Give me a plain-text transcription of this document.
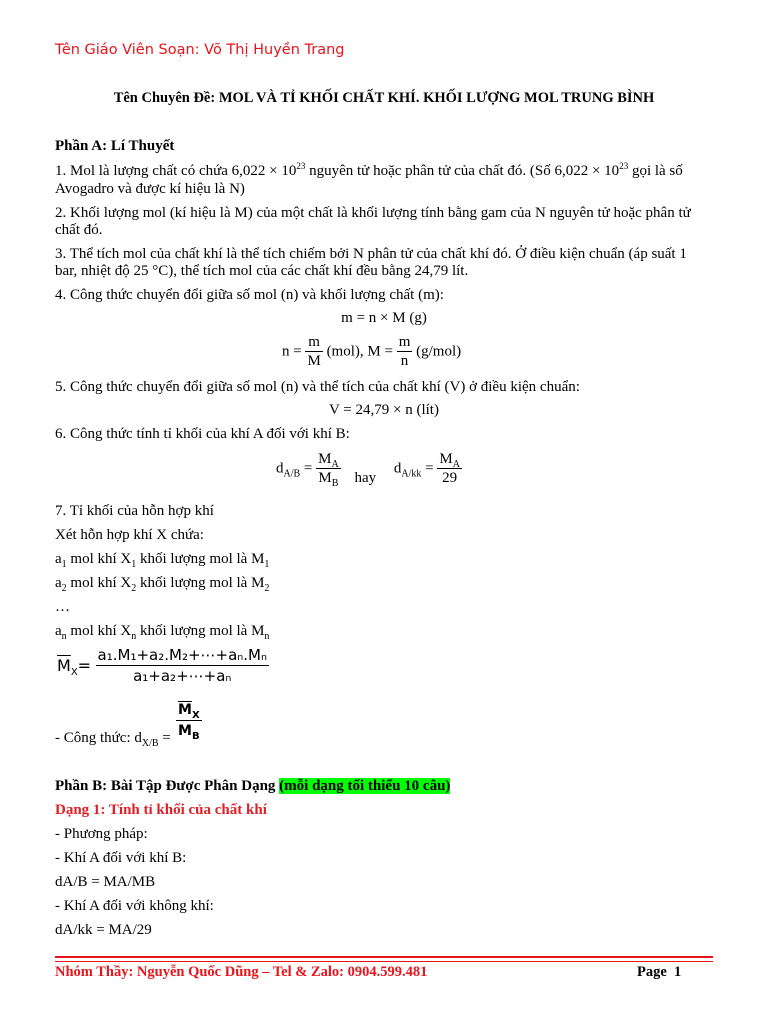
Tên Giáo Viên Soạn: Võ Thị Huyền Trang
Tên Chuyên Đề: MOL VÀ TỈ KHỐI CHẤT KHÍ. KHỐI LƯỢNG MOL TRUNG BÌNH
Phần A: Lí Thuyết
1. Mol là lượng chất có chứa $6,022 \times 10^{23}$ nguyên tử hoặc phân tử của chất đó. (Số $6,022 \times 10^{23}$ gọi là số
Avogadro và được kí hiệu là N)
2. Khối lượng mol (kí hiệu là M) của một chất là khối lượng tính bằng gam của N nguyên tử hoặc phân tử
chất đó.
3. Thể tích mol của chất khí là thể tích chiếm bởi N phân tử của chất khí đó. Ở điều kiện chuẩn (áp suất 1
bar, nhiệt độ 25 °C), thể tích mol của các chất khí đều bằng 24,79 lít.
4. Công thức chuyển đổi giữa số mol (n) và khối lượng chất (m):
m = n × M (g)
$n = \frac{m}{M} (mol)$, $M = \frac{m}{n} (g/mol)$
5. Công thức chuyển đổi giữa số mol (n) và thể tích của chất khí (V) ở điều kiện chuẩn:
V = 24,79 × n (lít)
6. Công thức tính tỉ khối của khí A đối với khí B:
$d_{A/B} = \frac{M_A}{M_B}$ hay $d_{A/kk} = \frac{M_A}{29}$
7. Tỉ khối của hỗn hợp khí
Xét hỗn hợp khí X chứa:
$a_1$ mol khí $X_1$ khối lượng mol là $M_1$
$a_2$ mol khí $X_2$ khối lượng mol là $M_2$
…
$a_n$ mol khí $X_n$ khối lượng mol là $M_n$
$\overline{M}_X= \frac{\text{a₁.M₁+a₂.M₂+⋯+aₙ.Mₙ}}{\text{a₁+a₂+⋯+aₙ}}$
- Công thức: $d_{X/B} = \frac{\overline{M}_X}{M_B}$
Phần B: Bài Tập Được Phân Dạng (mỗi dạng tối thiểu 10 câu)
Dạng 1: Tính tỉ khối của chất khí
- Phương pháp:
- Khí A đối với khí B:
dA/B = MA/MB
- Khí A đối với không khí:
dA/kk = MA/29
Nhóm Thầy: Nguyễn Quốc Dũng – Tel & Zalo: 0904.599.481	Page 1
